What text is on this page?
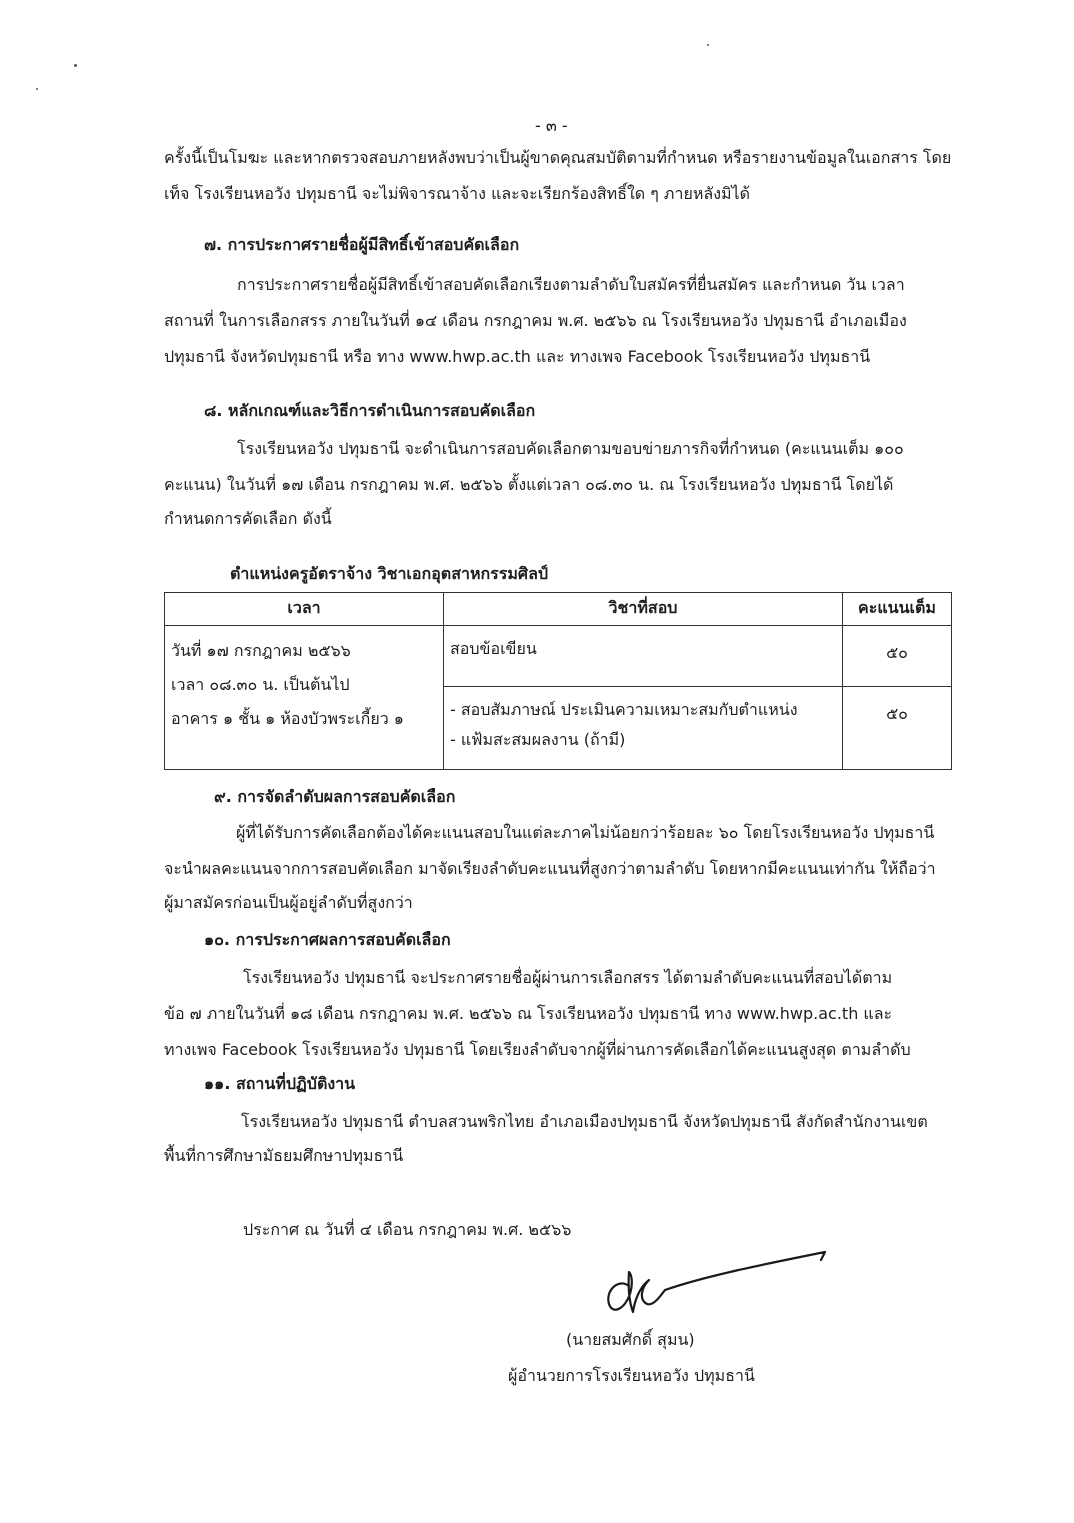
- ๓ -
ครั้งนี้เป็นโมฆะ และหากตรวจสอบภายหลังพบว่าเป็นผู้ขาดคุณสมบัติตามที่กำหนด หรือรายงานข้อมูลในเอกสาร โดย
เท็จ โรงเรียนหอวัง ปทุมธานี จะไม่พิจารณาจ้าง และจะเรียกร้องสิทธิ์ใด ๆ ภายหลังมิได้
๗. การประกาศรายชื่อผู้มีสิทธิ์เข้าสอบคัดเลือก
การประกาศรายชื่อผู้มีสิทธิ์เข้าสอบคัดเลือกเรียงตามลำดับใบสมัครที่ยื่นสมัคร และกำหนด วัน เวลา
สถานที่ ในการเลือกสรร ภายในวันที่ ๑๔ เดือน กรกฎาคม พ.ศ. ๒๕๖๖ ณ โรงเรียนหอวัง ปทุมธานี อำเภอเมือง
ปทุมธานี จังหวัดปทุมธานี หรือ ทาง www.hwp.ac.th และ ทางเพจ Facebook โรงเรียนหอวัง ปทุมธานี
๘. หลักเกณฑ์และวิธีการดำเนินการสอบคัดเลือก
โรงเรียนหอวัง ปทุมธานี จะดำเนินการสอบคัดเลือกตามขอบข่ายภารกิจที่กำหนด (คะแนนเต็ม ๑๐๐
คะแนน) ในวันที่ ๑๗ เดือน กรกฎาคม พ.ศ. ๒๕๖๖ ตั้งแต่เวลา ๐๘.๓๐ น. ณ โรงเรียนหอวัง ปทุมธานี โดยได้
กำหนดการคัดเลือก ดังนี้
ตำแหน่งครูอัตราจ้าง วิชาเอกอุตสาหกรรมศิลป์
เวลา	วิชาที่สอบ	คะแนนเต็ม

วันที่ ๑๗ กรกฎาคม ๒๕๖๖
เวลา ๐๘.๓๐ น. เป็นต้นไป
อาคาร ๑ ชั้น ๑ ห้องบัวพระเกี้ยว ๑	สอบข้อเขียน	๕๐

	- สอบสัมภาษณ์ ประเมินความเหมาะสมกับตำแหน่ง
- แฟ้มสะสมผลงาน (ถ้ามี)	๕๐
๙. การจัดลำดับผลการสอบคัดเลือก
ผู้ที่ได้รับการคัดเลือกต้องได้คะแนนสอบในแต่ละภาคไม่น้อยกว่าร้อยละ ๖๐ โดยโรงเรียนหอวัง ปทุมธานี
จะนำผลคะแนนจากการสอบคัดเลือก มาจัดเรียงลำดับคะแนนที่สูงกว่าตามลำดับ โดยหากมีคะแนนเท่ากัน ให้ถือว่า
ผู้มาสมัครก่อนเป็นผู้อยู่ลำดับที่สูงกว่า
๑๐. การประกาศผลการสอบคัดเลือก
โรงเรียนหอวัง ปทุมธานี จะประกาศรายชื่อผู้ผ่านการเลือกสรร ได้ตามลำดับคะแนนที่สอบได้ตาม
ข้อ ๗ ภายในวันที่ ๑๘ เดือน กรกฎาคม พ.ศ. ๒๕๖๖ ณ โรงเรียนหอวัง ปทุมธานี ทาง www.hwp.ac.th และ
ทางเพจ Facebook โรงเรียนหอวัง ปทุมธานี โดยเรียงลำดับจากผู้ที่ผ่านการคัดเลือกได้คะแนนสูงสุด ตามลำดับ
๑๑. สถานที่ปฏิบัติงาน
โรงเรียนหอวัง ปทุมธานี ตำบลสวนพริกไทย อำเภอเมืองปทุมธานี จังหวัดปทุมธานี สังกัดสำนักงานเขต
พื้นที่การศึกษามัธยมศึกษาปทุมธานี
ประกาศ ณ วันที่ ๔ เดือน กรกฎาคม พ.ศ. ๒๕๖๖
(นายสมศักดิ์ สุมน)
ผู้อำนวยการโรงเรียนหอวัง ปทุมธานี
